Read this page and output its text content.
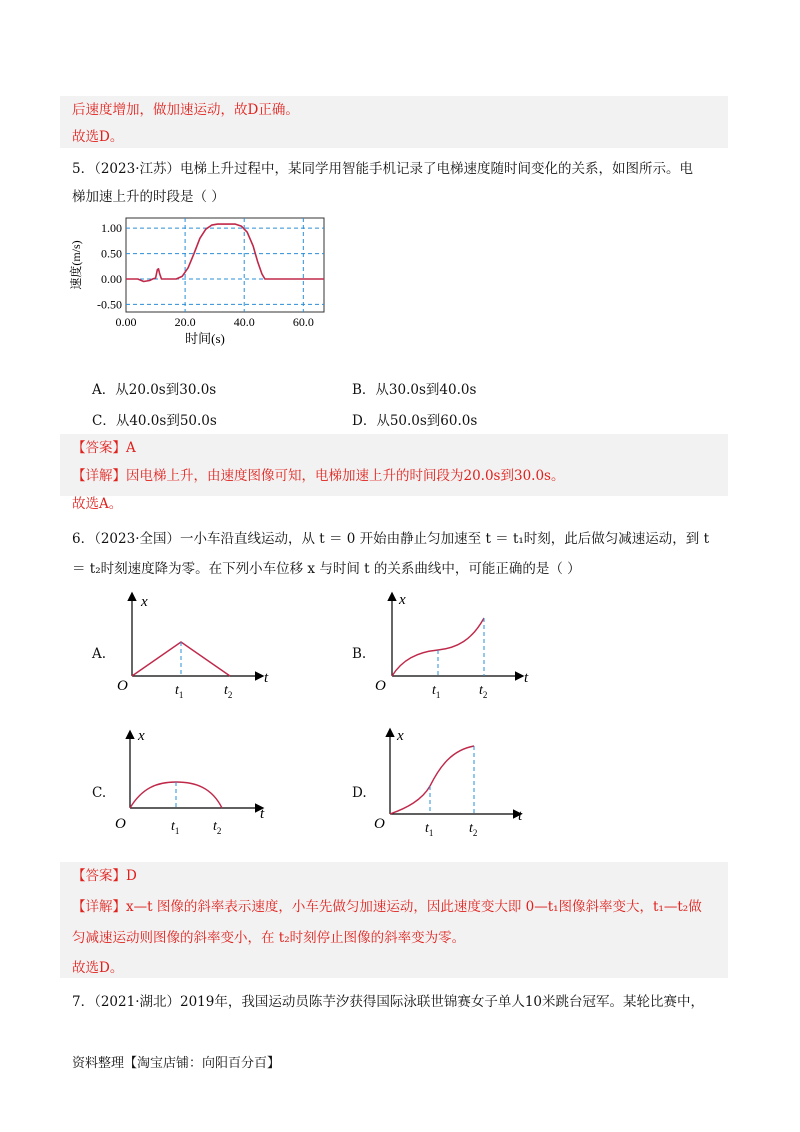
后速度增加，做加速运动，故D正确。
故选D。
5．（2023·江苏）电梯上升过程中，某同学用智能手机记录了电梯速度随时间变化的关系，如图所示。电
梯加速上升的时段是（ ）
0.00	20.0	40.0	60.0
1.00
0.50
0.00
-0.50
时间(s)
速度(m/s)
A．从20.0s到30.0s	B．从30.0s到40.0s
C．从40.0s到50.0s	D．从50.0s到60.0s
【答案】A
【详解】因电梯上升，由速度图像可知，电梯加速上升的时间段为20.0s到30.0s。
故选A。
6．（2023·全国）一小车沿直线运动，从 t ＝ 0 开始由静止匀加速至 t ＝ t₁时刻，此后做匀减速运动，到 t
＝ t₂时刻速度降为零。在下列小车位移 x 与时间 t 的关系曲线中，可能正确的是（ ）
A.
x
t
O	$t_1$	$t_2$
B.
x
t
O	$t_1$	$t_2$
C.
x
t
O	$t_1$ $t_2$
D.
x
t
O	$t_1$	$t_2$
【答案】D
【详解】x—t 图像的斜率表示速度，小车先做匀加速运动，因此速度变大即 0—t₁图像斜率变大，t₁—t₂做
匀减速运动则图像的斜率变小，在 t₂时刻停止图像的斜率变为零。
故选D。
7．（2021·湖北）2019年，我国运动员陈芋汐获得国际泳联世锦赛女子单人10米跳台冠军。某轮比赛中，
资料整理【淘宝店铺：向阳百分百】
